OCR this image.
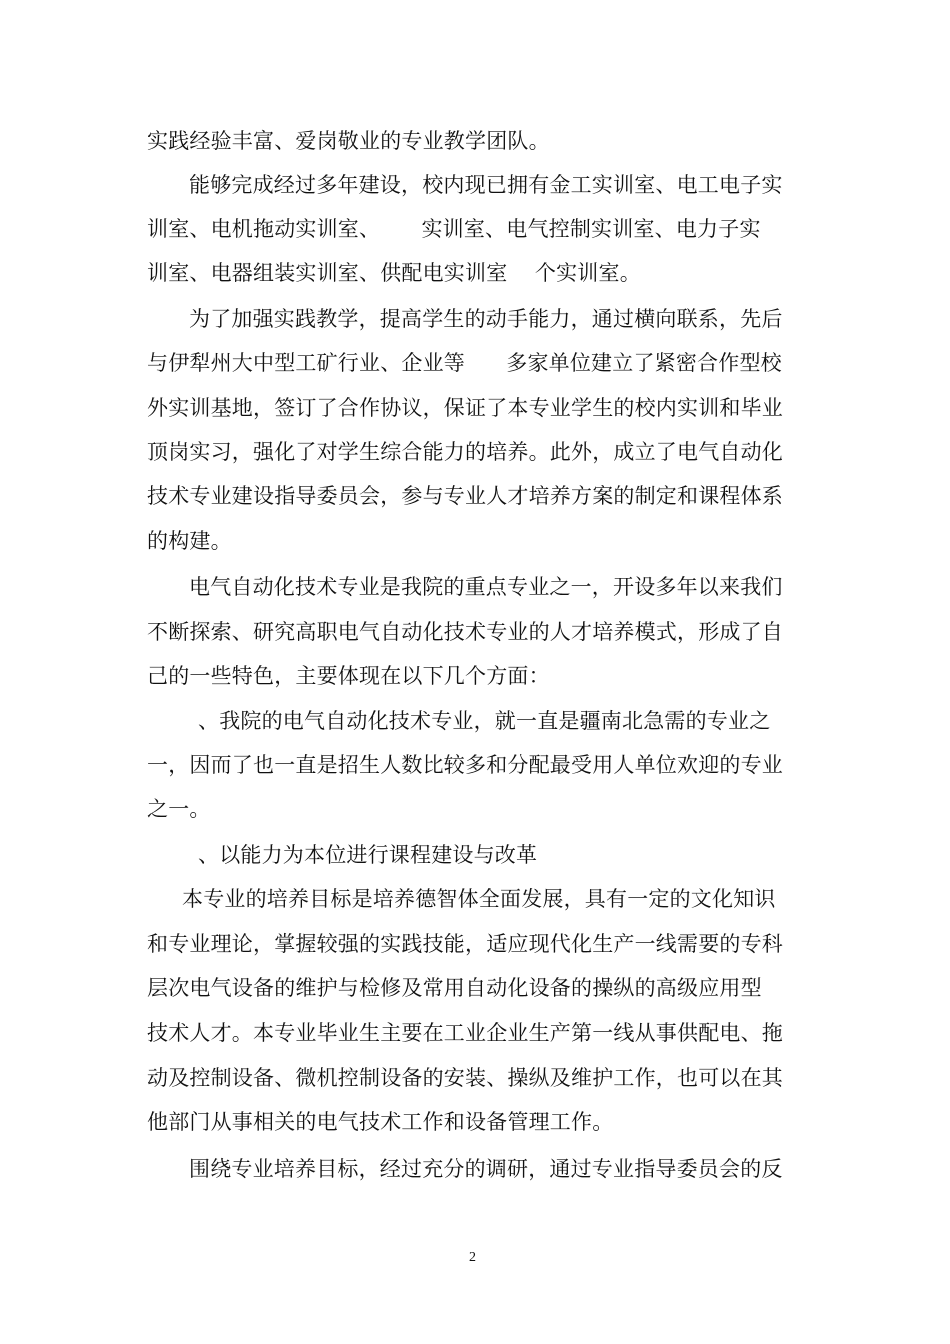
实践经验丰富、爱岗敬业的专业教学团队。
能够完成经过多年建设，校内现已拥有金工实训室、电工电子实
训室、电机拖动实训室、      实训室、电气控制实训室、电力子实
训室、电器组装实训室、供配电实训室    个实训室。
为了加强实践教学，提高学生的动手能力，通过横向联系，先后
与伊犁州大中型工矿行业、企业等      多家单位建立了紧密合作型校
外实训基地，签订了合作协议，保证了本专业学生的校内实训和毕业
顶岗实习，强化了对学生综合能力的培养。此外，成立了电气自动化
技术专业建设指导委员会，参与专业人才培养方案的制定和课程体系
的构建。
电气自动化技术专业是我院的重点专业之一，开设多年以来我们
不断探索、研究高职电气自动化技术专业的人才培养模式，形成了自
己的一些特色，主要体现在以下几个方面：
、我院的电气自动化技术专业，就一直是疆南北急需的专业之
一，因而了也一直是招生人数比较多和分配最受用人单位欢迎的专业
之一。
、以能力为本位进行课程建设与改革
本专业的培养目标是培养德智体全面发展，具有一定的文化知识
和专业理论，掌握较强的实践技能，适应现代化生产一线需要的专科
层次电气设备的维护与检修及常用自动化设备的操纵的高级应用型
技术人才。本专业毕业生主要在工业企业生产第一线从事供配电、拖
动及控制设备、微机控制设备的安装、操纵及维护工作，也可以在其
他部门从事相关的电气技术工作和设备管理工作。
围绕专业培养目标，经过充分的调研，通过专业指导委员会的反
2
